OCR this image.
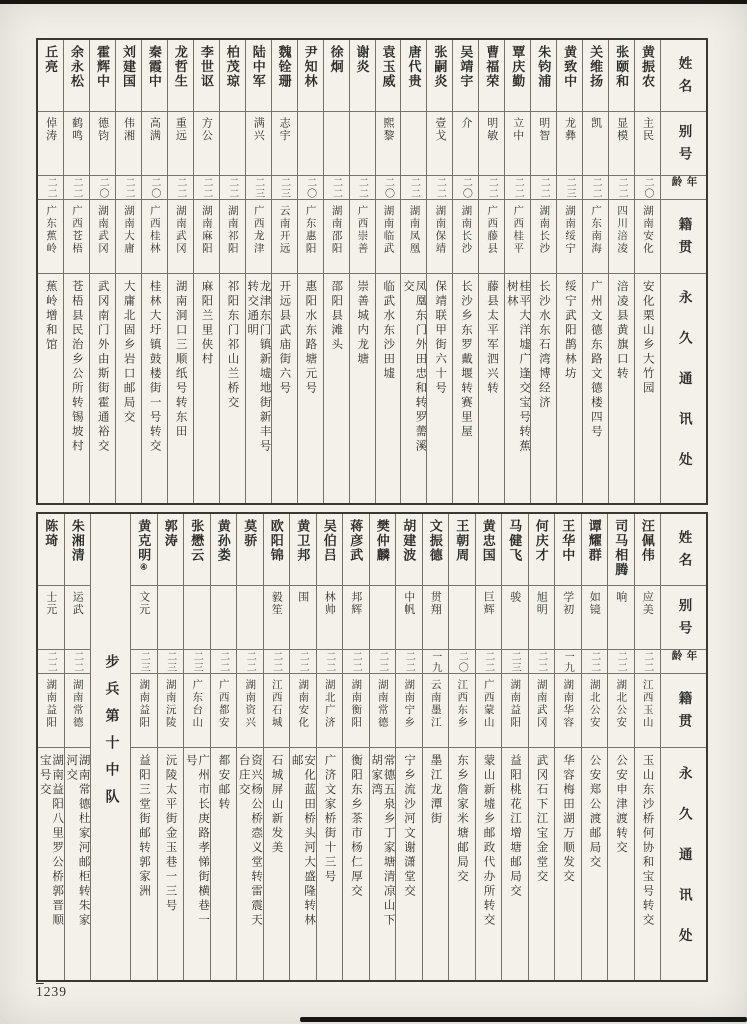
姓名
别号
年龄
籍贯
永久通讯处
黄振农
主民
二〇
湖南安化
安化栗山乡大竹园
张颐和
显模
二二
四川涪凌
涪凌县黄旗口转
关维扬
凯
二二
广东南海
广州文德东路文德楼四号
黄致中
龙彝
二三
湖南绥宁
绥宁武阳鹊林坊
朱钧浦
明智
二二
湖南长沙
长沙水东石湾博经济
覃庆勤
立中
二二
广西桂平
桂平大洋墟广逢交宝号转蕉树林
曹福荣
明敏
二二
广西藤县
藤县太平军泗兴转
吴靖宇
介
二〇
湖南长沙
长沙乡东罗戴堰转赛里屋
张嗣炎
壹戈
二二
湖南保靖
保靖联甲街六十号
唐代贵
二二
湖南凤凰
凤凰东门外田忠和转罗薷溪交
袁玉威
熙黎
二〇
湖南临武
临武水东沙田墟
谢炎
二二
广西崇善
崇善城内龙塘
徐炯
二二
湖南邵阳
邵阳县滩头
尹知林
二〇
广东惠阳
惠阳水东路塘元号
魏铨珊
志宇
二三
云南开远
开远县武庙街六号
陆中军
满兴
二三
广西龙津
龙津东门镇新墟地街新丰号转交通明
柏茂琼
二二
湖南祁阳
祁阳东门祁山兰桥交
李世讴
方公
二二
湖南麻阳
麻阳兰里侠村
龙哲生
重远
二二
湖南武冈
湖南洞口三顺纸号转东田
秦霞中
高满
二〇
广西桂林
桂林大圩镇鼓楼街一号转交
刘建国
伟湘
二二
湖南大庸
大庸北固乡岩口邮局交
霍辉中
德钧
二〇
湖南武冈
武冈南门外由斯街霍通裕交
余永松
鹤鸣
二二
广西苍梧
苍梧县民治乡公所转锡坡村
丘亮
倬涛
二二
广东蕉岭
蕉岭增和馆
姓名
别号
年龄
籍贯
永久通讯处
汪佩伟
应美
二二
江西玉山
玉山东沙桥何协和宝号转交
司马相腾
响
二二
湖北公安
公安申津渡转交
谭耀群
如镜
二二
湖北公安
公安郑公渡邮局交
王华中
学初
一九
湖南华容
华容梅田湖万顺发交
何庆才
旭明
二二
湖南武冈
武冈石下江宝金堂交
马健飞
骏
二三
湖南益阳
益阳桃花江增塘邮局交
黄忠国
巨辉
二二
广西蒙山
蒙山新墟乡邮政代办所转交
王朝周
二〇
江西东乡
东乡詹家米塘邮局交
文振德
贯翔
一九
云南墨江
墨江龙潭街
胡建波
中帆
二二
湖南宁乡
宁乡流沙河文谢潇堂交
樊仲麟
二二
湖南常德
常德五泉乡丁家塘清凉山下胡家湾
蒋彦武
邦辉
二二
湖南衡阳
衡阳东乡茶市杨仁厚交
吴伯吕
林帅
二二
湖北广济
广济文家桥街十三号
黄卫邦
围
二二
湖南安化
安化蓝田桥头河大盛隆转林邮
欧阳锦
毅笙
二二
江西石城
石城屏山新发美
莫骄
二二
湖南资兴
资兴杨公桥悫义堂转雷震天台庄交
黄孙娄
二二
广西都安
都安邮转
张懋云
二三
广东台山
广州市长庚路孝悌街横巷一号
郭涛
二三
湖南沅陵
沅陵太平街金玉巷一三号
黄克明④
文元
二三
湖南益阳
益阳三堂街邮转郭家洲
步兵第十中队
朱湘清
运武
二二
湖南常德
湖南常德杜家河邮柜转朱家河交
陈琦
士元
二二
湖南益阳
湖南益阳八里罗公桥郭晋顺宝号交
1239
